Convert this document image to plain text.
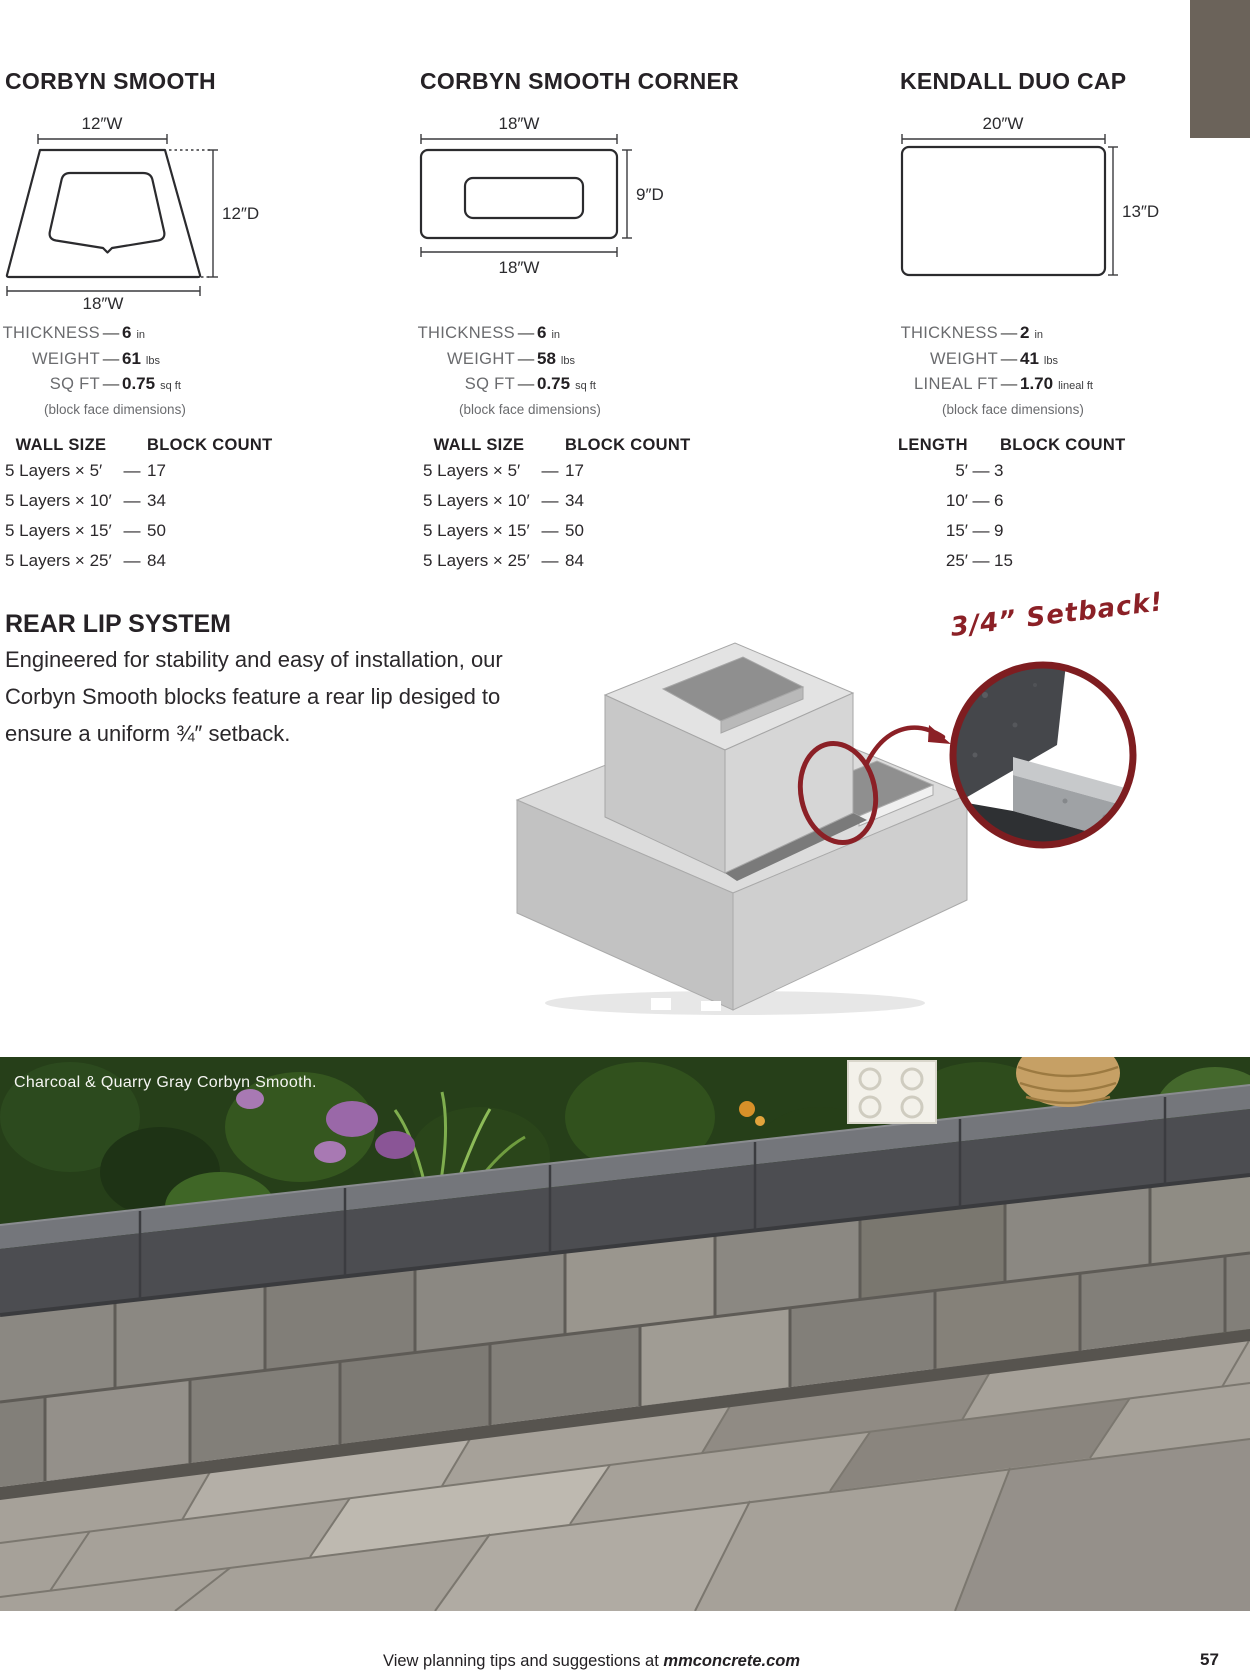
CORBYN SMOOTH	CORBYN SMOOTH CORNER	KENDALL DUO CAP
12″W
18″W
12″D
18″W
18″W
9″D
20″W
13″D
THICKNESS — 6 in
WEIGHT — 61 lbs
SQ FT — 0.75 sq ft
(block face dimensions)
THICKNESS — 6 in
WEIGHT — 58 lbs
SQ FT — 0.75 sq ft
(block face dimensions)
THICKNESS — 2 in
WEIGHT — 41 lbs
LINEAL FT — 1.70 lineal ft
(block face dimensions)
WALL SIZE	BLOCK COUNT
5 Layers × 5′	— 17
5 Layers × 10′ — 34
5 Layers × 15′ — 50
5 Layers × 25′ — 84
WALL SIZE	BLOCK COUNT
5 Layers × 5′	— 17
5 Layers × 10′ — 34
5 Layers × 15′ — 50
5 Layers × 25′ — 84
LENGTH BLOCK COUNT
5′ — 3
10′ — 6
15′ — 9
25′ — 15
REAR LIP SYSTEM

Engineered for stability and easy of installation, our Corbyn Smooth blocks feature a rear lip desiged to ensure a uniform ¾″ setback.

3/4” Setback!
Charcoal & Quarry Gray Corbyn Smooth.
View planning tips and suggestions at mmconcrete.com	57
